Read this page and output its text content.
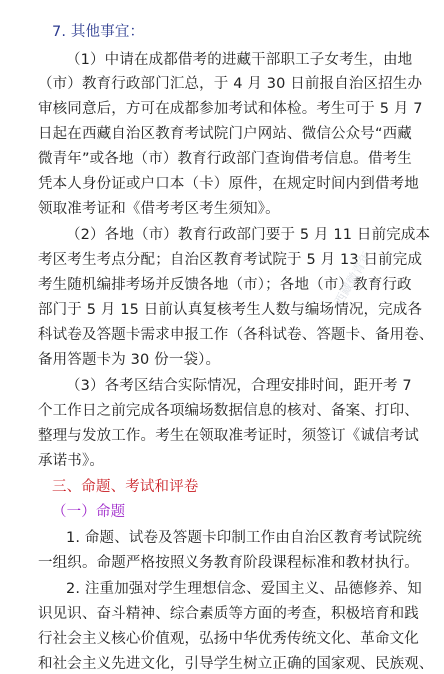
7. 其他事宜：
（1）中请在成都借考的进藏干部职工子女考生，由地
（市）教育行政部门汇总，于 4 月 30 日前报自治区招生办
审核同意后，方可在成都参加考试和体检。考生可于 5 月 7
日起在西藏自治区教育考试院门户网站、微信公众号“西藏
微青年”或各地（市）教育行政部门查询借考信息。借考生
凭本人身份证或户口本（卡）原件，在规定时间内到借考地
领取准考证和《借考考区考生须知》。
（2）各地（市）教育行政部门要于 5 月 11 日前完成本
考区考生考点分配；自治区教育考试院于 5 月 13 日前完成
考生随机编排考场并反馈各地（市）；各地（市）教育行政
部门于 5 月 15 日前认真复核考生人数与编场情况，完成各
科试卷及答题卡需求申报工作（各科试卷、答题卡、备用卷、
备用答题卡为 30 份一袋）。
（3）各考区结合实际情况，合理安排时间，距开考 7
个工作日之前完成各项编场数据信息的核对、备案、打印、
整理与发放工作。考生在领取准考证时，须签订《诚信考试
承诺书》。
三、命题、考试和评卷
（一）命题
1. 命题、试卷及答题卡印制工作由自治区教育考试院统
一组织。命题严格按照义务教育阶段课程标准和教材执行。
2. 注重加强对学生理想信念、爱国主义、品德修养、知
识见识、奋斗精神、综合素质等方面的考查，积极培育和践
行社会主义核心价值观，弘扬中华优秀传统文化、革命文化
和社会主义先进文化，引导学生树立正确的国家观、民族观、
西藏微青年
